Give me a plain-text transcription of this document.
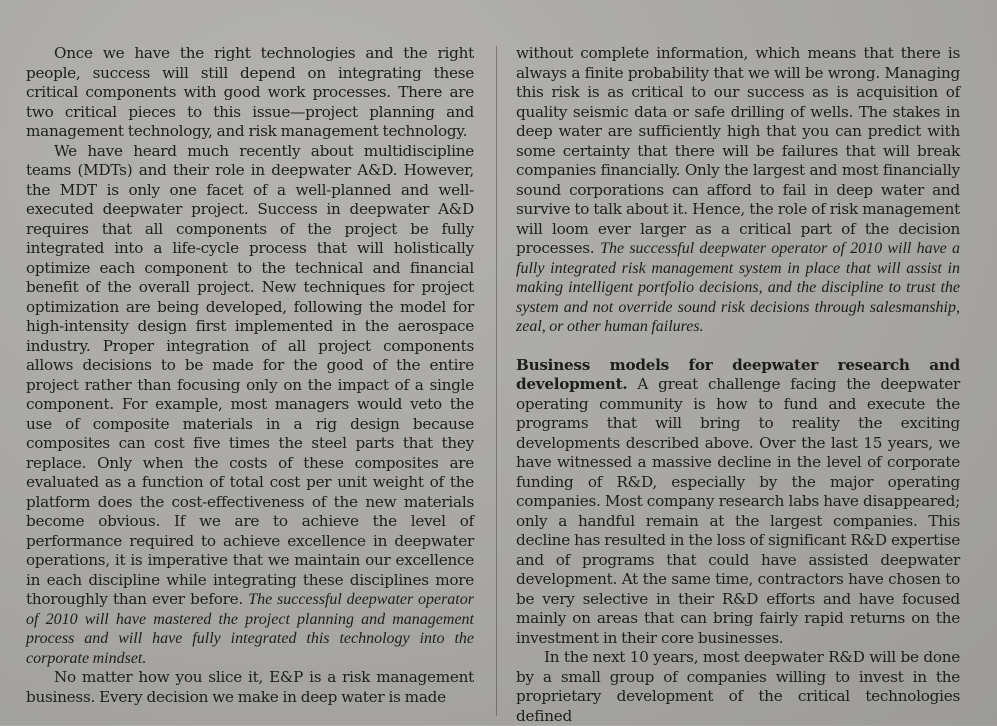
Once we have the right technologies and the right people, success will still depend on integrating these critical components with good work processes. There are two critical pieces to this issue—project planning and management technology, and risk management technology.

We have heard much recently about multidiscipline teams (MDTs) and their role in deepwater A&D. However, the MDT is only one facet of a well-planned and well-executed deepwater project. Success in deepwater A&D requires that all components of the project be fully integrated into a life-cycle process that will holistically optimize each component to the technical and financial benefit of the overall project. New techniques for project optimization are being developed, following the model for high-intensity design first implemented in the aerospace industry. Proper integration of all project components allows decisions to be made for the good of the entire project rather than focusing only on the impact of a single component. For example, most managers would veto the use of composite materials in a rig design because composites can cost five times the steel parts that they replace. Only when the costs of these composites are evaluated as a function of total cost per unit weight of the platform does the cost-effectiveness of the new materials become obvious. If we are to achieve the level of performance required to achieve excellence in deepwater operations, it is imperative that we maintain our excellence in each discipline while integrating these disciplines more thoroughly than ever before. The successful deepwater operator of 2010 will have mastered the project planning and management process and will have fully integrated this technology into the corporate mindset.

No matter how you slice it, E&P is a risk management business. Every decision we make in deep water is made

without complete information, which means that there is always a finite probability that we will be wrong. Managing this risk is as critical to our success as is acquisition of quality seismic data or safe drilling of wells. The stakes in deep water are sufficiently high that you can predict with some certainty that there will be failures that will break companies financially. Only the largest and most financially sound corporations can afford to fail in deep water and survive to talk about it. Hence, the role of risk management will loom ever larger as a critical part of the decision processes. The successful deepwater operator of 2010 will have a fully integrated risk management system in place that will assist in making intelligent portfolio decisions, and the discipline to trust the system and not override sound risk decisions through salesmanship, zeal, or other human failures.

Business models for deepwater research and development. A great challenge facing the deepwater operating community is how to fund and execute the programs that will bring to reality the exciting developments described above. Over the last 15 years, we have witnessed a massive decline in the level of corporate funding of R&D, especially by the major operating companies. Most company research labs have disappeared; only a handful remain at the largest companies. This decline has resulted in the loss of significant R&D expertise and of programs that could have assisted deepwater development. At the same time, contractors have chosen to be very selective in their R&D efforts and have focused mainly on areas that can bring fairly rapid returns on the investment in their core businesses.

In the next 10 years, most deepwater R&D will be done by a small group of companies willing to invest in the proprietary development of the critical technologies defined
